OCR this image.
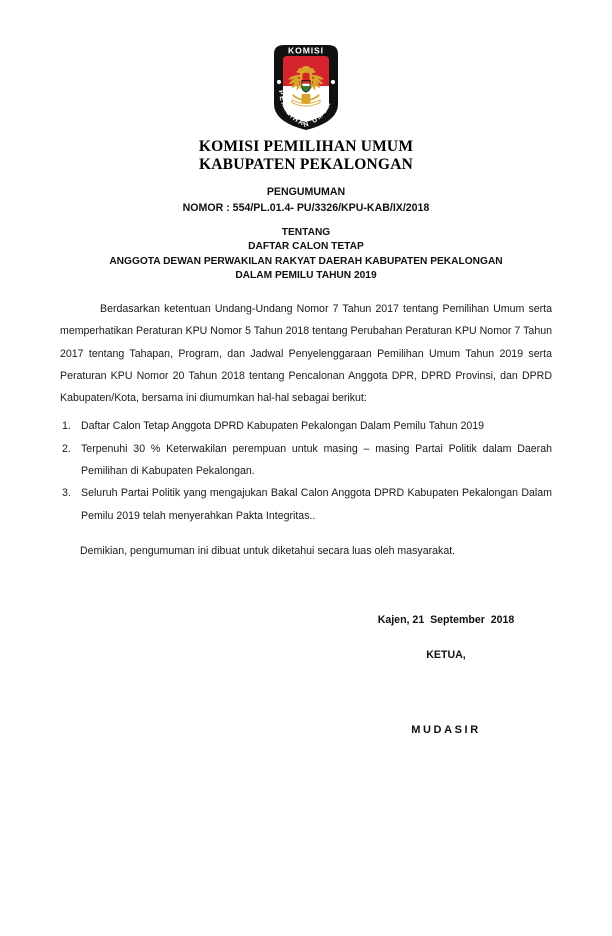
KOMISI
PEMILIHAN UMUM
KOMISI PEMILIHAN UMUM
KABUPATEN PEKALONGAN
PENGUMUMAN
NOMOR : 554/PL.01.4- PU/3326/KPU-KAB/IX/2018
TENTANG
DAFTAR CALON TETAP
ANGGOTA DEWAN PERWAKILAN RAKYAT DAERAH KABUPATEN PEKALONGAN
DALAM PEMILU TAHUN 2019

Berdasarkan ketentuan Undang-Undang Nomor 7 Tahun 2017 tentang Pemilihan Umum serta memperhatikan Peraturan KPU Nomor 5 Tahun 2018 tentang Perubahan Peraturan KPU Nomor 7 Tahun 2017 tentang Tahapan, Program, dan Jadwal Penyelenggaraan Pemilihan Umum Tahun 2019 serta Peraturan KPU Nomor 20 Tahun 2018 tentang Pencalonan Anggota DPR, DPRD Provinsi, dan DPRD Kabupaten/Kota, bersama ini diumumkan hal-hal sebagai berikut:

1. Daftar Calon Tetap Anggota DPRD Kabupaten Pekalongan Dalam Pemilu Tahun 2019
2. Terpenuhi 30 % Keterwakilan perempuan untuk masing – masing Partai Politik dalam Daerah Pemilihan di Kabupaten Pekalongan.
3. Seluruh Partai Politik yang mengajukan Bakal Calon Anggota DPRD Kabupaten Pekalongan Dalam Pemilu 2019 telah menyerahkan Pakta Integritas..
Demikian, pengumuman ini dibuat untuk diketahui secara luas oleh masyarakat.
Kajen, 21  September  2018
KETUA,
MUDASIR
